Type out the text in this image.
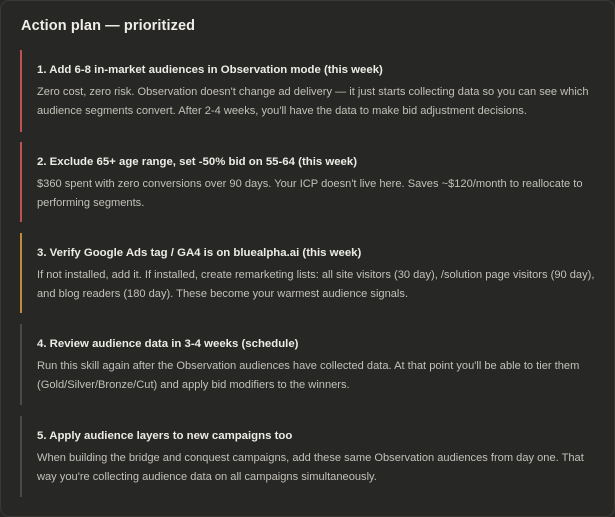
Action plan — prioritized

1. Add 6-8 in-market audiences in Observation mode (this week)

Zero cost, zero risk. Observation doesn't change ad delivery — it just starts collecting data so you can see which audience segments convert. After 2-4 weeks, you'll have the data to make bid adjustment decisions.

2. Exclude 65+ age range, set -50% bid on 55-64 (this week)

$360 spent with zero conversions over 90 days. Your ICP doesn't live here. Saves ~$120/month to reallocate to performing segments.

3. Verify Google Ads tag / GA4 is on bluealpha.ai (this week)

If not installed, add it. If installed, create remarketing lists: all site visitors (30 day), /solution page visitors (90 day), and blog readers (180 day). These become your warmest audience signals.

4. Review audience data in 3-4 weeks (schedule)

Run this skill again after the Observation audiences have collected data. At that point you'll be able to tier them (Gold/Silver/Bronze/Cut) and apply bid modifiers to the winners.

5. Apply audience layers to new campaigns too

When building the bridge and conquest campaigns, add these same Observation audiences from day one. That way you're collecting audience data on all campaigns simultaneously.
